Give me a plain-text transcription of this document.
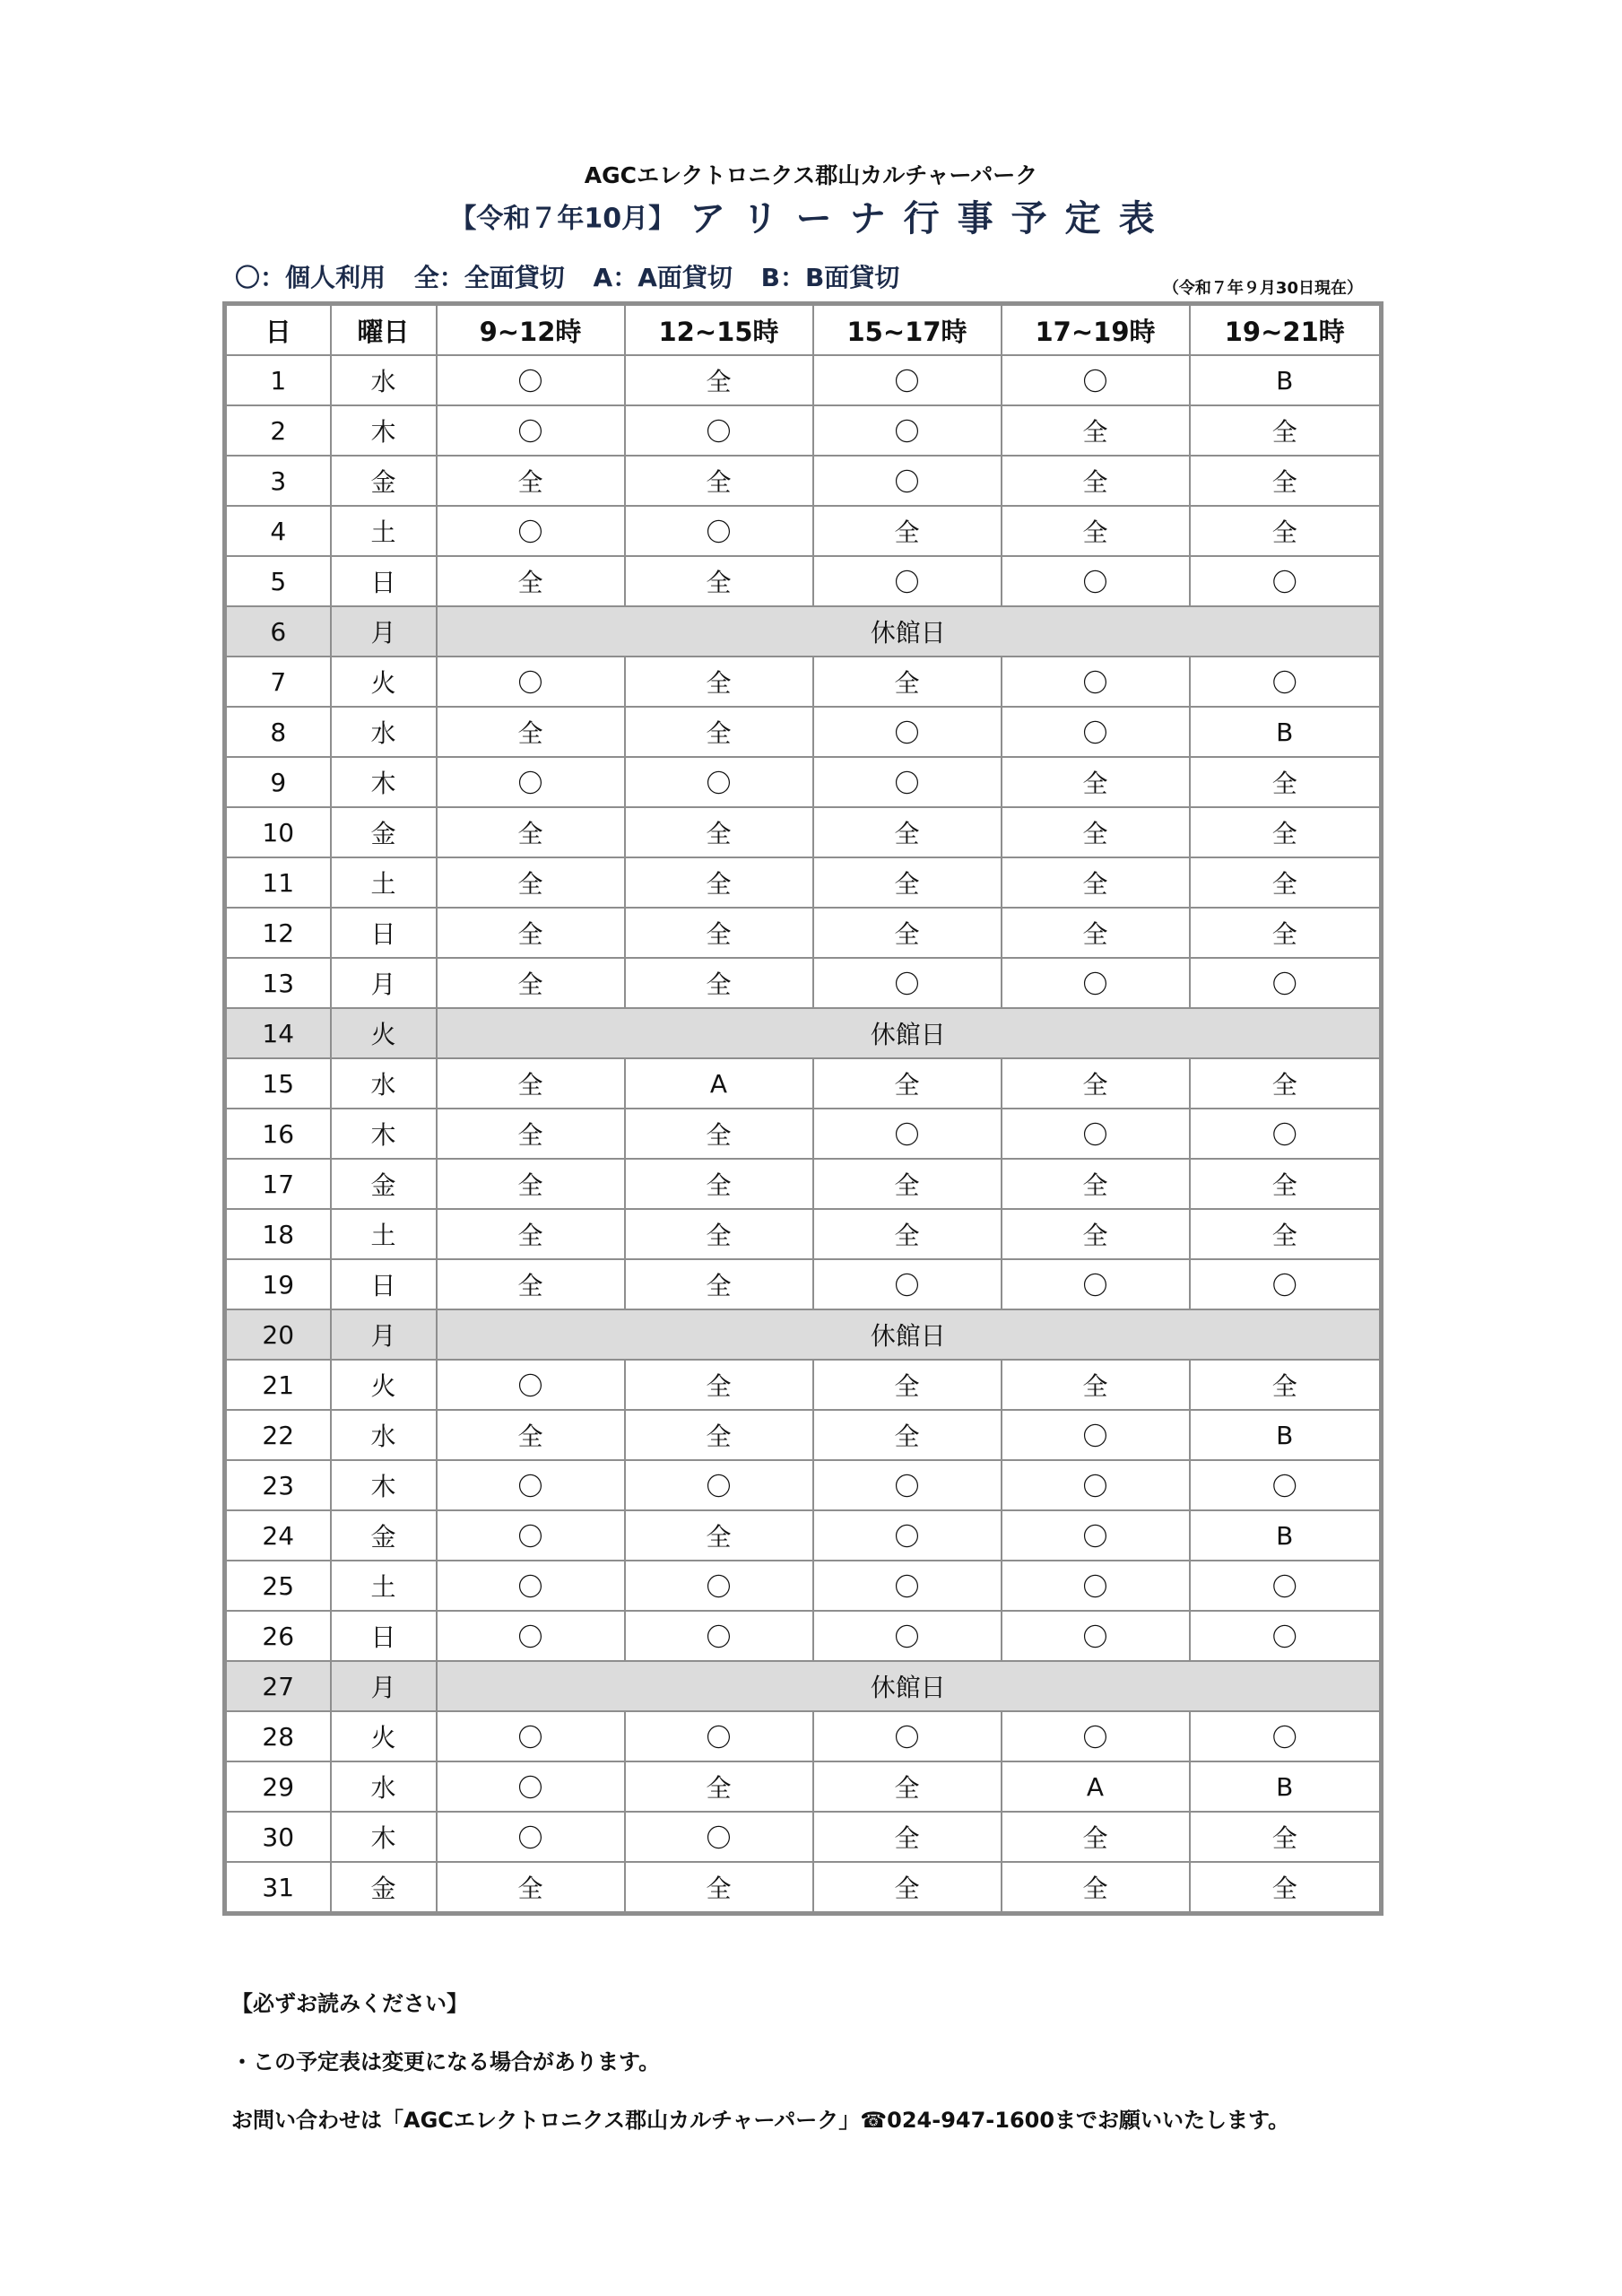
AGCエレクトロニクス郡山カルチャーパーク
【令和７年10月】 アリーナ行事予定表
〇：個人利用 全：全面貸切 A：A面貸切 B：B面貸切	（令和７年９月30日現在）
日	曜日	9~12時	12~15時	15~17時	17~19時	19~21時
1	水	〇	全	〇	〇	B
2	木	〇	〇	〇	全	全
3	金	全	全	〇	全	全
4	土	〇	〇	全	全	全
5	日	全	全	〇	〇	〇
6	月	休館日				
7	火	〇	全	全	〇	〇
8	水	全	全	〇	〇	B
9	木	〇	〇	〇	全	全
10	金	全	全	全	全	全
11	土	全	全	全	全	全
12	日	全	全	全	全	全
13	月	全	全	〇	〇	〇
14	火	休館日				
15	水	全	A	全	全	全
16	木	全	全	〇	〇	〇
17	金	全	全	全	全	全
18	土	全	全	全	全	全
19	日	全	全	〇	〇	〇
20	月	休館日				
21	火	〇	全	全	全	全
22	水	全	全	全	〇	B
23	木	〇	〇	〇	〇	〇
24	金	〇	全	〇	〇	B
25	土	〇	〇	〇	〇	〇
26	日	〇	〇	〇	〇	〇
27	月	休館日				
28	火	〇	〇	〇	〇	〇
29	水	〇	全	全	A	B
30	木	〇	〇	全	全	全
31	金	全	全	全	全	全
【必ずお読みください】
・この予定表は変更になる場合があります。
お問い合わせは「AGCエレクトロニクス郡山カルチャーパーク」☎024‐947‐1600までお願いいたします。
